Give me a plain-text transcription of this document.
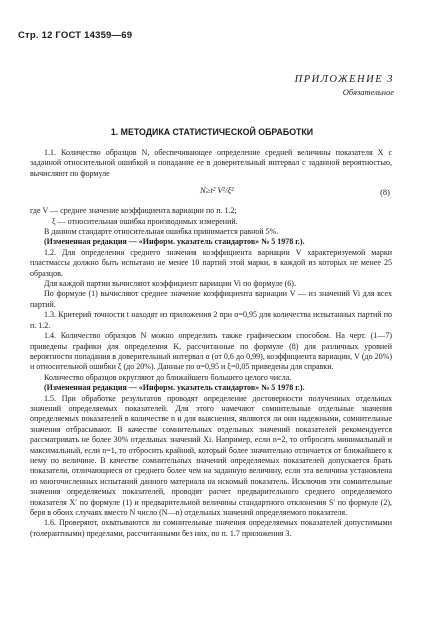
Стр. 12 ГОСТ 14359—69
ПРИЛОЖЕНИЕ 3
Обязательное
1. МЕТОДИКА СТАТИСТИЧЕСКОЙ ОБРАБОТКИ

1.1. Количество образцов N, обеспечивающее определение средней величины показателя X с заданной относительной ошибкой и попадание ее в доверительный интервал с заданной вероятностью, вычисляют по формуле

N≥t² V²/ξ²	(8)

где V — среднее значение коэффициента вариации по п. 1.2;

ξ — относительная ошибка производимых измерений.

В данном стандарте относительная ошибка принимается равной 5%.

(Измененная редакция — «Информ. указатель стандартов» № 5 1978 г.).

1.2. Для определения среднего значения коэффициента вариации V характеризуемой марки пластмассы должно быть испытано не менее 10 партий этой марки, в каждой из которых не менее 25 образцов.

Для каждой партии вычисляют коэффициент вариации Vi по формуле (6).

По формуле (1) вычисляют среднее значение коэффициента вариации V — из значений Vi для всех партий.

1.3. Критерий точности t находят из приложения 2 при α=0,95 для количества испытанных партий по п. 1.2.

1.4. Количество образцов N можно определить также графическим способом. На черт. (1—7) приведены графики для определения K, рассчитанные по формуле (8) для различных уровней вероятности попадания в доверительный интервал α (от 0,6 до 0,99), коэффициента вариации, V (до 20%) и относительной ошибки ξ (до 20%). Данные по α=0,95 и ξ=0,05 приведены для справки.

Количество образцов округляют до ближайшего большего целого числа.

(Измененная редакция — «Информ. указатель стандартов» № 5 1978 г.).

1.5. При обработке результатов проводят определение достоверности полученных отдельных значений определяемых показателей. Для этого намечают сомнительные отдельные значения определяемых показателей в количестве n и для выяснения, являются ли они надежными, сомнительные значения отбрасывают. В качестве сомнительных отдельных значений показателей рекомендуется рассматривать не более 30% отдельных значений Xi. Например, если n=2, то отбросить минимальный и максимальный, если n=1, то отбросить крайний, который более значительно отличается от ближайшего к нему по величине. В качестве сомнительных значений определяемых показателей допускается брать показатели, отличающиеся от среднего более чем на заданную величину, если эта величина установлена из многочисленных испытаний данного материала на искомый показатель. Исключив эти сомнительные значения определяемых показателей, проводят расчет предварительного среднего определяемого показателя X′ по формуле (1) и предварительной величины стандартного отклонения S′ по формуле (2), беря в обоих случаях вместо N число (N—n) отдельных значений определяемого показателя.

1.6. Проверяют, охватываются ли сомнительные значения определяемых показателей допустимыми (толерантными) пределами, рассчитанными без них, по п. 1.7 приложения 3.
